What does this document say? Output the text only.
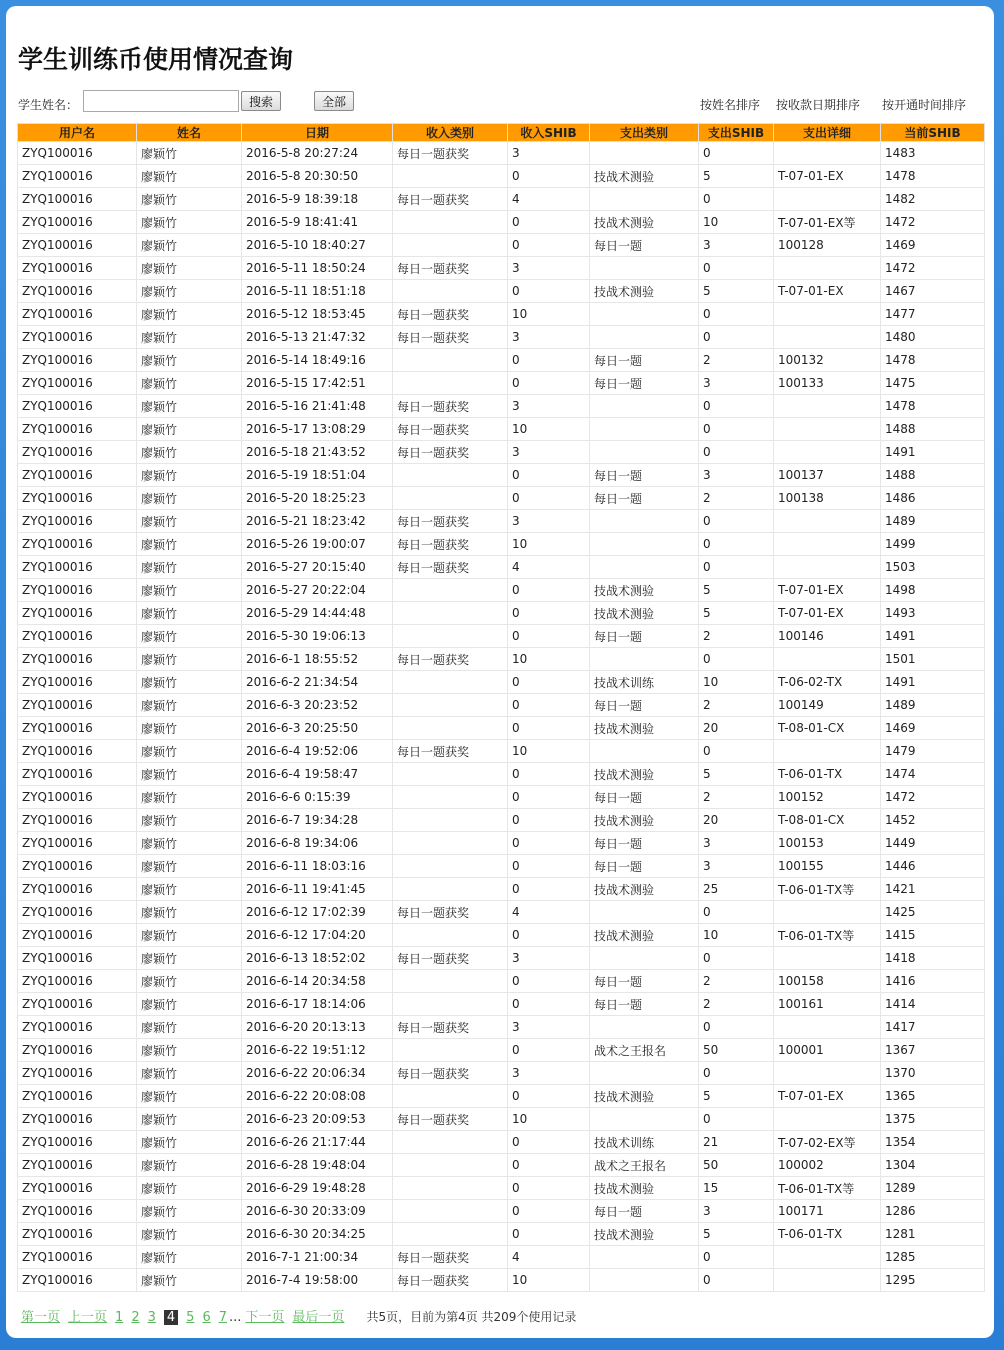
学生训练币使用情况查询
学生姓名：	搜索	全部	按姓名排序 按收款日期排序 按开通时间排序
用户名	姓名	日期	收入类别	收入SHIB	支出类别	支出SHIB	支出详细	当前SHIB
ZYQ100016	廖颖竹	2016-5-8 20:27:24	每日一题获奖	3		0		1483
ZYQ100016	廖颖竹	2016-5-8 20:30:50		0	技战术测验	5	T-07-01-EX	1478
ZYQ100016	廖颖竹	2016-5-9 18:39:18	每日一题获奖	4		0		1482
ZYQ100016	廖颖竹	2016-5-9 18:41:41		0	技战术测验	10	T-07-01-EX等	1472
ZYQ100016	廖颖竹	2016-5-10 18:40:27		0	每日一题	3	100128	1469
ZYQ100016	廖颖竹	2016-5-11 18:50:24	每日一题获奖	3		0		1472
ZYQ100016	廖颖竹	2016-5-11 18:51:18		0	技战术测验	5	T-07-01-EX	1467
ZYQ100016	廖颖竹	2016-5-12 18:53:45	每日一题获奖	10		0		1477
ZYQ100016	廖颖竹	2016-5-13 21:47:32	每日一题获奖	3		0		1480
ZYQ100016	廖颖竹	2016-5-14 18:49:16		0	每日一题	2	100132	1478
ZYQ100016	廖颖竹	2016-5-15 17:42:51		0	每日一题	3	100133	1475
ZYQ100016	廖颖竹	2016-5-16 21:41:48	每日一题获奖	3		0		1478
ZYQ100016	廖颖竹	2016-5-17 13:08:29	每日一题获奖	10		0		1488
ZYQ100016	廖颖竹	2016-5-18 21:43:52	每日一题获奖	3		0		1491
ZYQ100016	廖颖竹	2016-5-19 18:51:04		0	每日一题	3	100137	1488
ZYQ100016	廖颖竹	2016-5-20 18:25:23		0	每日一题	2	100138	1486
ZYQ100016	廖颖竹	2016-5-21 18:23:42	每日一题获奖	3		0		1489
ZYQ100016	廖颖竹	2016-5-26 19:00:07	每日一题获奖	10		0		1499
ZYQ100016	廖颖竹	2016-5-27 20:15:40	每日一题获奖	4		0		1503
ZYQ100016	廖颖竹	2016-5-27 20:22:04		0	技战术测验	5	T-07-01-EX	1498
ZYQ100016	廖颖竹	2016-5-29 14:44:48		0	技战术测验	5	T-07-01-EX	1493
ZYQ100016	廖颖竹	2016-5-30 19:06:13		0	每日一题	2	100146	1491
ZYQ100016	廖颖竹	2016-6-1 18:55:52	每日一题获奖	10		0		1501
ZYQ100016	廖颖竹	2016-6-2 21:34:54		0	技战术训练	10	T-06-02-TX	1491
ZYQ100016	廖颖竹	2016-6-3 20:23:52		0	每日一题	2	100149	1489
ZYQ100016	廖颖竹	2016-6-3 20:25:50		0	技战术测验	20	T-08-01-CX	1469
ZYQ100016	廖颖竹	2016-6-4 19:52:06	每日一题获奖	10		0		1479
ZYQ100016	廖颖竹	2016-6-4 19:58:47		0	技战术测验	5	T-06-01-TX	1474
ZYQ100016	廖颖竹	2016-6-6 0:15:39		0	每日一题	2	100152	1472
ZYQ100016	廖颖竹	2016-6-7 19:34:28		0	技战术测验	20	T-08-01-CX	1452
ZYQ100016	廖颖竹	2016-6-8 19:34:06		0	每日一题	3	100153	1449
ZYQ100016	廖颖竹	2016-6-11 18:03:16		0	每日一题	3	100155	1446
ZYQ100016	廖颖竹	2016-6-11 19:41:45		0	技战术测验	25	T-06-01-TX等	1421
ZYQ100016	廖颖竹	2016-6-12 17:02:39	每日一题获奖	4		0		1425
ZYQ100016	廖颖竹	2016-6-12 17:04:20		0	技战术测验	10	T-06-01-TX等	1415
ZYQ100016	廖颖竹	2016-6-13 18:52:02	每日一题获奖	3		0		1418
ZYQ100016	廖颖竹	2016-6-14 20:34:58		0	每日一题	2	100158	1416
ZYQ100016	廖颖竹	2016-6-17 18:14:06		0	每日一题	2	100161	1414
ZYQ100016	廖颖竹	2016-6-20 20:13:13	每日一题获奖	3		0		1417
ZYQ100016	廖颖竹	2016-6-22 19:51:12		0	战术之王报名	50	100001	1367
ZYQ100016	廖颖竹	2016-6-22 20:06:34	每日一题获奖	3		0		1370
ZYQ100016	廖颖竹	2016-6-22 20:08:08		0	技战术测验	5	T-07-01-EX	1365
ZYQ100016	廖颖竹	2016-6-23 20:09:53	每日一题获奖	10		0		1375
ZYQ100016	廖颖竹	2016-6-26 21:17:44		0	技战术训练	21	T-07-02-EX等	1354
ZYQ100016	廖颖竹	2016-6-28 19:48:04		0	战术之王报名	50	100002	1304
ZYQ100016	廖颖竹	2016-6-29 19:48:28		0	技战术测验	15	T-06-01-TX等	1289
ZYQ100016	廖颖竹	2016-6-30 20:33:09		0	每日一题	3	100171	1286
ZYQ100016	廖颖竹	2016-6-30 20:34:25		0	技战术测验	5	T-06-01-TX	1281
ZYQ100016	廖颖竹	2016-7-1 21:00:34	每日一题获奖	4		0		1285
ZYQ100016	廖颖竹	2016-7-4 19:58:00	每日一题获奖	10		0		1295
第一页 上一页 1 2 3 4 5 6 7 ... 下一页 最后一页 共5页，目前为第4页 共209个使用记录
